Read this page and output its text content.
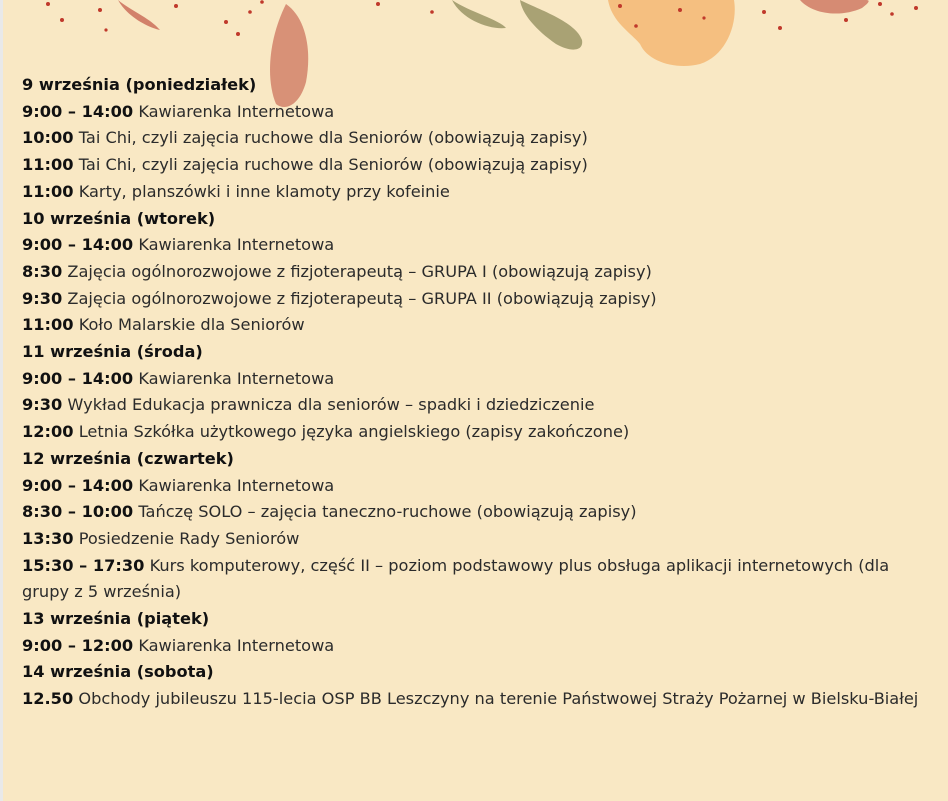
9 września (poniedziałek)
9:00 – 14:00 Kawiarenka Internetowa
10:00 Tai Chi, czyli zajęcia ruchowe dla Seniorów (obowiązują zapisy)
11:00 Tai Chi, czyli zajęcia ruchowe dla Seniorów (obowiązują zapisy)
11:00 Karty, planszówki i inne klamoty przy kofeinie
10 września (wtorek)
9:00 – 14:00 Kawiarenka Internetowa
8:30 Zajęcia ogólnorozwojowe z fizjoterapeutą – GRUPA I (obowiązują zapisy)
9:30 Zajęcia ogólnorozwojowe z fizjoterapeutą – GRUPA II (obowiązują zapisy)
11:00 Koło Malarskie dla Seniorów
11 września (środa)
9:00 – 14:00 Kawiarenka Internetowa
9:30 Wykład Edukacja prawnicza dla seniorów – spadki i dziedziczenie
12:00 Letnia Szkółka użytkowego języka angielskiego (zapisy zakończone)
12 września (czwartek)
9:00 – 14:00 Kawiarenka Internetowa
8:30 – 10:00 Tańczę SOLO – zajęcia taneczno-ruchowe (obowiązują zapisy)
13:30 Posiedzenie Rady Seniorów
15:30 – 17:30 Kurs komputerowy, część II – poziom podstawowy plus obsługa aplikacji internetowych (dla grupy z 5 września)
13 września (piątek)
9:00 – 12:00 Kawiarenka Internetowa
14 września (sobota)
12.50 Obchody jubileuszu 115-lecia OSP BB Leszczyny na terenie Państwowej Straży Pożarnej w Bielsku-Białej
